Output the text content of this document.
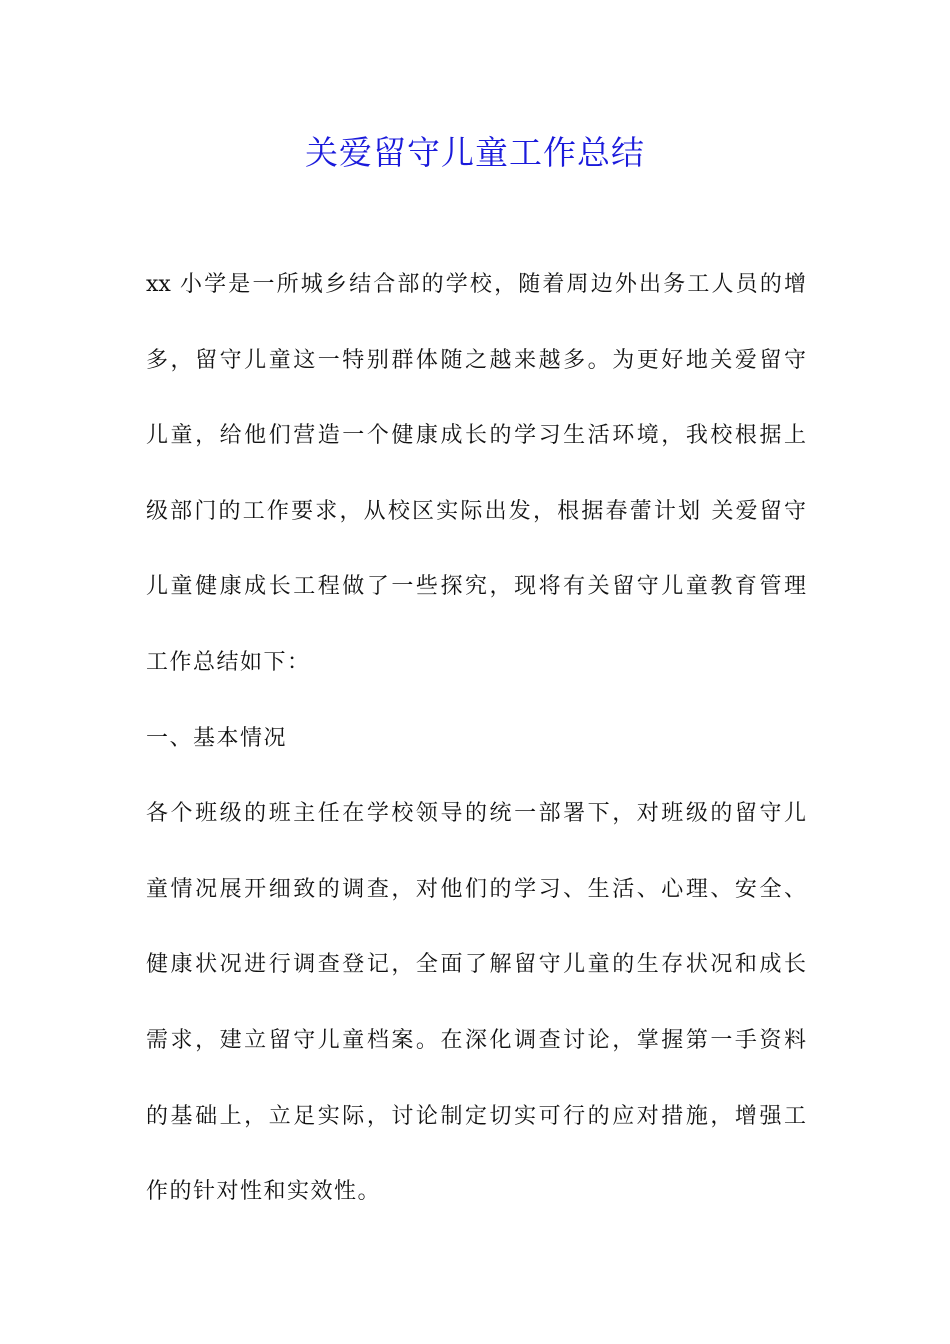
关爱留守儿童工作总结
xx 小学是一所城乡结合部的学校，随着周边外出务工人员的增
多，留守儿童这一特别群体随之越来越多。为更好地关爱留守
儿童，给他们营造一个健康成长的学习生活环境，我校根据上
级部门的工作要求，从校区实际出发，根据春蕾计划 关爱留守
儿童健康成长工程做了一些探究，现将有关留守儿童教育管理
工作总结如下：
一、基本情况
各个班级的班主任在学校领导的统一部署下，对班级的留守儿
童情况展开细致的调查，对他们的学习、生活、心理、安全、
健康状况进行调查登记，全面了解留守儿童的生存状况和成长
需求，建立留守儿童档案。在深化调查讨论，掌握第一手资料
的基础上，立足实际，讨论制定切实可行的应对措施，增强工
作的针对性和实效性。
